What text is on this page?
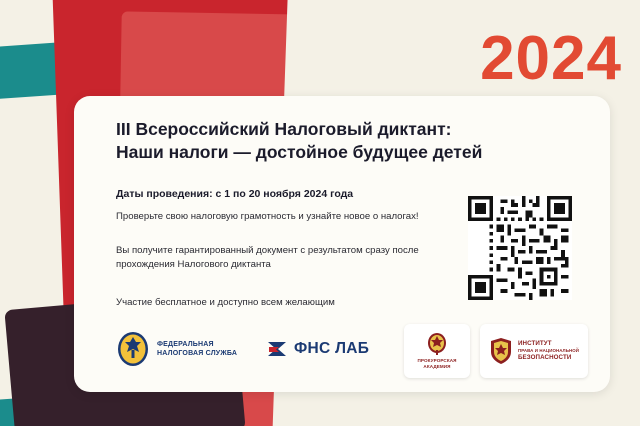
2024
III Всероссийский Налоговый диктант:
Наши налоги — достойное будущее детей
Даты проведения: с 1 по 20 ноября 2024 года
Проверьте свою налоговую грамотность и узнайте новое о налогах!
Вы получите гарантированный документ с результатом сразу после прохождения Налогового диктанта
Участие бесплатное и доступно всем желающим
ФЕДЕРАЛЬНАЯ
НАЛОГОВАЯ СЛУЖБА	ФНС ЛАБ
ПРОКУРОРСКАЯ
АКАДЕМИЯ
ИНСТИТУТ
ПРАВА И НАЦИОНАЛЬНОЙ
БЕЗОПАСНОСТИ
